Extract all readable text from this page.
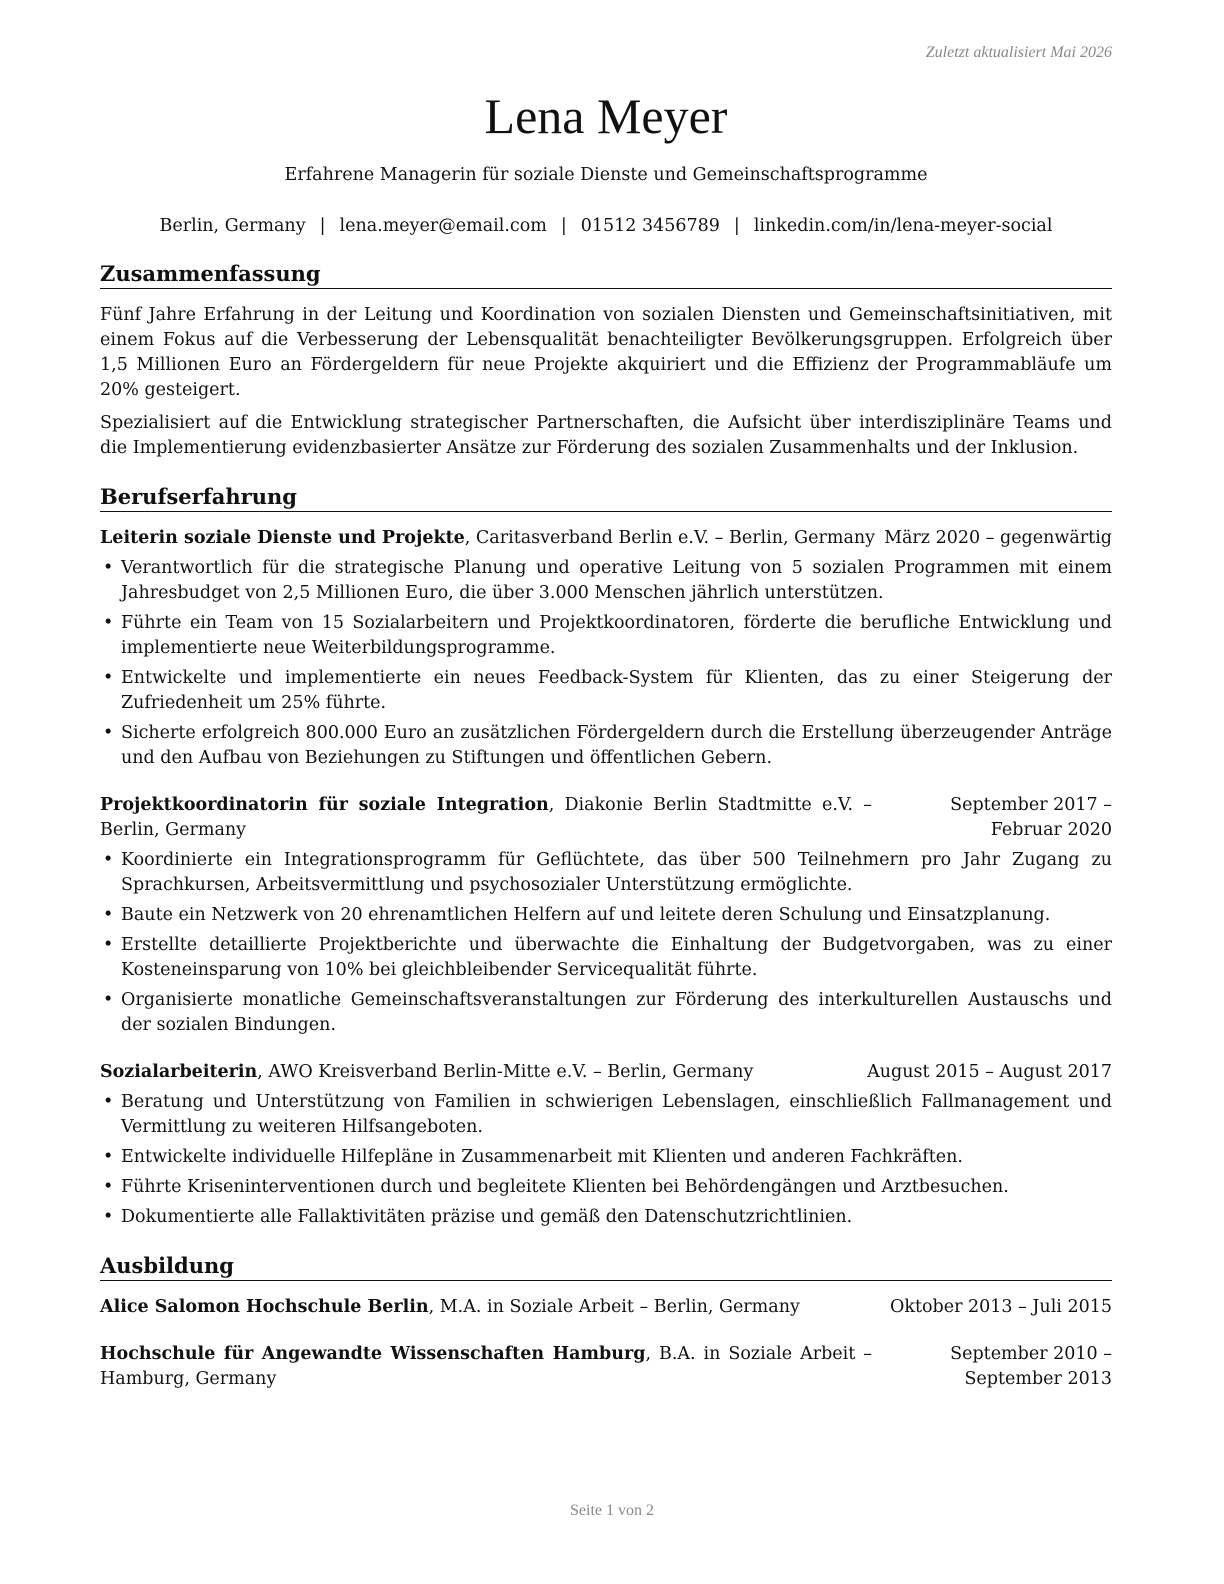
Zuletzt aktualisiert Mai 2026
Lena Meyer
Erfahrene Managerin für soziale Dienste und Gemeinschaftsprogramme
Berlin, Germany | lena.meyer@email.com | 01512 3456789 | linkedin.com/in/lena-meyer-social
Zusammenfassung

Fünf Jahre Erfahrung in der Leitung und Koordination von sozialen Diensten und Gemeinschaftsinitiativen, mit einem Fokus auf die Verbesserung der Lebensqualität benachteiligter Bevölkerungsgruppen. Erfolgreich über 1,5 Millionen Euro an Fördergeldern für neue Projekte akquiriert und die Effizienz der Programmabläufe um 20% gesteigert.

Spezialisiert auf die Entwicklung strategischer Partnerschaften, die Aufsicht über interdisziplinäre Teams und die Implementierung evidenzbasierter Ansätze zur Förderung des sozialen Zusammenhalts und der Inklusion.

Berufserfahrung
Leiterin soziale Dienste und Projekte, Caritasverband Berlin e.V. – Berlin, Germany März 2020 – gegenwärtig
• Verantwortlich für die strategische Planung und operative Leitung von 5 sozialen Programmen mit einem Jahresbudget von 2,5 Millionen Euro, die über 3.000 Menschen jährlich unterstützen.
• Führte ein Team von 15 Sozialarbeitern und Projektkoordinatoren, förderte die berufliche Entwicklung und implementierte neue Weiterbildungsprogramme.
• Entwickelte und implementierte ein neues Feedback-System für Klienten, das zu einer Steigerung der Zufriedenheit um 25% führte.
• Sicherte erfolgreich 800.000 Euro an zusätzlichen Fördergeldern durch die Erstellung überzeugender Anträge und den Aufbau von Beziehungen zu Stiftungen und öffentlichen Gebern.
Projektkoordinatorin für soziale Integration, Diakonie Berlin Stadtmitte e.V. – Berlin, Germany
September 2017 – Februar 2020
• Koordinierte ein Integrationsprogramm für Geflüchtete, das über 500 Teilnehmern pro Jahr Zugang zu Sprachkursen, Arbeitsvermittlung und psychosozialer Unterstützung ermöglichte.
• Baute ein Netzwerk von 20 ehrenamtlichen Helfern auf und leitete deren Schulung und Einsatzplanung.
• Erstellte detaillierte Projektberichte und überwachte die Einhaltung der Budgetvorgaben, was zu einer Kosteneinsparung von 10% bei gleichbleibender Servicequalität führte.
• Organisierte monatliche Gemeinschaftsveranstaltungen zur Förderung des interkulturellen Austauschs und der sozialen Bindungen.
Sozialarbeiterin, AWO Kreisverband Berlin-Mitte e.V. – Berlin, Germany	August 2015 – August 2017
• Beratung und Unterstützung von Familien in schwierigen Lebenslagen, einschließlich Fallmanagement und Vermittlung zu weiteren Hilfsangeboten.
• Entwickelte individuelle Hilfepläne in Zusammenarbeit mit Klienten und anderen Fachkräften.
• Führte Kriseninterventionen durch und begleitete Klienten bei Behördengängen und Arztbesuchen.
• Dokumentierte alle Fallaktivitäten präzise und gemäß den Datenschutzrichtlinien.
Ausbildung
Alice Salomon Hochschule Berlin, M.A. in Soziale Arbeit – Berlin, Germany	Oktober 2013 – Juli 2015
Hochschule für Angewandte Wissenschaften Hamburg, B.A. in Soziale Arbeit – Hamburg, Germany
September 2010 – September 2013
Seite 1 von 2
